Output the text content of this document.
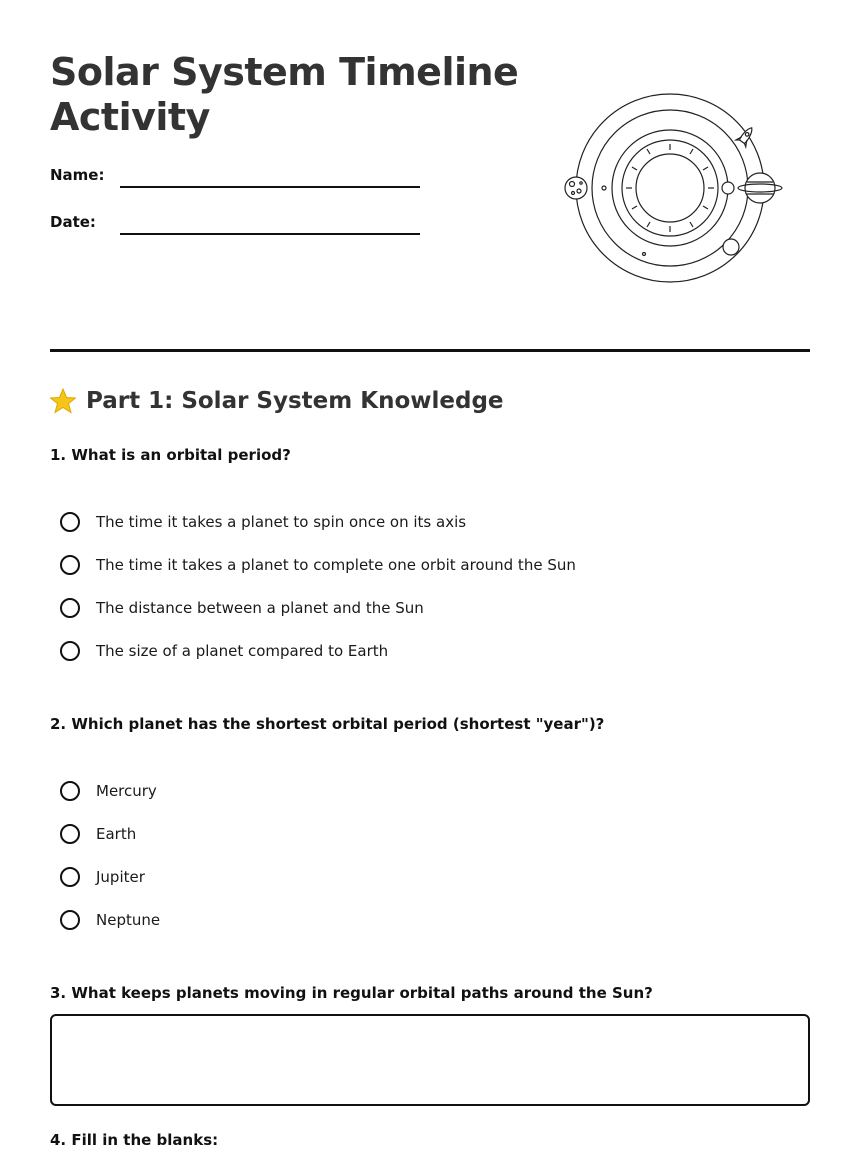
Solar System Timeline
Activity
Name:
Date:
Part 1: Solar System Knowledge
1. What is an orbital period?
The time it takes a planet to spin once on its axis
The time it takes a planet to complete one orbit around the Sun
The distance between a planet and the Sun
The size of a planet compared to Earth
2. Which planet has the shortest orbital period (shortest "year")?
Mercury
Earth
Jupiter
Neptune
3. What keeps planets moving in regular orbital paths around the Sun?
4. Fill in the blanks:
